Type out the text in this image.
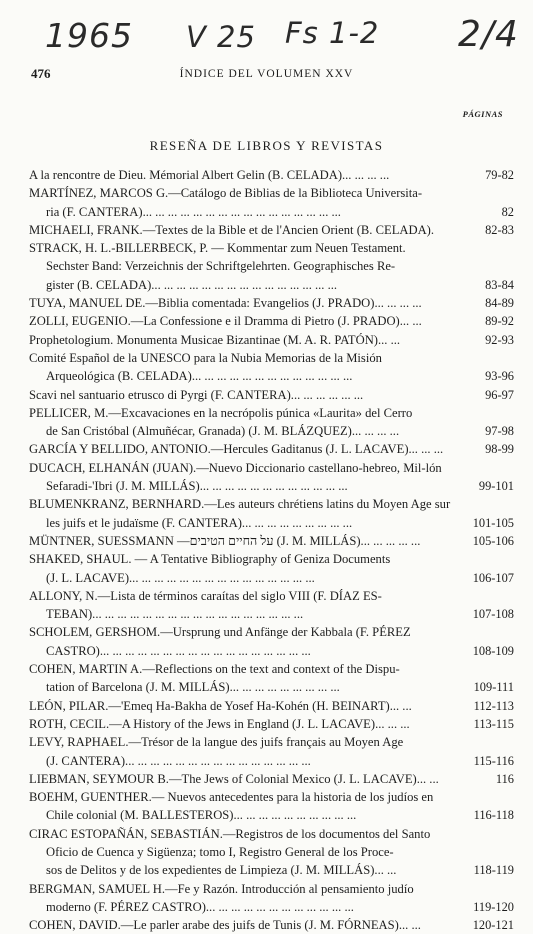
1965 V 25 Fs 1-2 2/4
476	ÍNDICE DEL VOLUMEN XXV
PÁGINAS
RESEÑA DE LIBROS Y REVISTAS
A la rencontre de Dieu. Mémorial Albert Gelin (B. CELADA)... ... ... ...	79-82
MARTÍNEZ, MARCOS G.—Catálogo de Biblias de la Biblioteca Universita-
ria (F. CANTERA)... ... ... ... ... ... ... ... ... ... ... ... ... ... ... ...	82
MICHAELI, FRANK.—Textes de la Bible et de l'Ancien Orient (B. CELADA).	82-83
STRACK, H. L.-BILLERBECK, P. — Kommentar zum Neuen Testament.
Sechster Band: Verzeichnis der Schriftgelehrten. Geographisches Re-
gister (B. CELADA)... ... ... ... ... ... ... ... ... ... ... ... ... ... ...	83-84
TUYA, MANUEL DE.—Biblia comentada: Evangelios (J. PRADO)... ... ... ...	84-89
ZOLLI, EUGENIO.—La Confessione e il Dramma di Pietro (J. PRADO)... ...	89-92
Prophetologium. Monumenta Musicae Bizantinae (M. A. R. PATÓN)... ...	92-93
Comité Español de la UNESCO para la Nubia Memorias de la Misión
Arqueológica (B. CELADA)... ... ... ... ... ... ... ... ... ... ... ... ...	93-96
Scavi nel santuario etrusco di Pyrgi (F. CANTERA)... ... ... ... ... ...	96-97
PELLICER, M.—Excavaciones en la necrópolis púnica «Laurita» del Cerro
de San Cristóbal (Almuñécar, Granada) (J. M. BLÁZQUEZ)... ... ... ...	97-98
GARCÍA Y BELLIDO, ANTONIO.—Hercules Gaditanus (J. L. LACAVE)... ... ...	98-99
DUCACH, ELHANÁN (JUAN).—Nuevo Diccionario castellano-hebreo, Mil-lón
Sefaradi-'Ibri (J. M. MILLÁS)... ... ... ... ... ... ... ... ... ... ... ...	99-101
BLUMENKRANZ, BERNHARD.—Les auteurs chrétiens latins du Moyen Age sur
les juifs et le judaïsme (F. CANTERA)... ... ... ... ... ... ... ... ...	101-105
MÜNTNER, SUESSMANN —על החיים הטיבים (J. M. MILLÁS)... ... ... ... ...	105-106
SHAKED, SHAUL. — A Tentative Bibliography of Geniza Documents
(J. L. LACAVE)... ... ... ... ... ... ... ... ... ... ... ... ... ... ...	106-107
ALLONY, N.—Lista de términos caraítas del siglo VIII (F. DÍAZ ES-
TEBAN)... ... ... ... ... ... ... ... ... ... ... ... ... ... ... ... ...	107-108
SCHOLEM, GERSHOM.—Ursprung und Anfänge der Kabbala (F. PÉREZ
CASTRO)... ... ... ... ... ... ... ... ... ... ... ... ... ... ... ... ...	108-109
COHEN, MARTIN A.—Reflections on the text and context of the Dispu-
tation of Barcelona (J. M. MILLÁS)... ... ... ... ... ... ... ... ...	109-111
LEÓN, PILAR.—'Emeq Ha-Bakha de Yosef Ha-Kohén (H. BEINART)... ...	112-113
ROTH, CECIL.—A History of the Jews in England (J. L. LACAVE)... ... ...	113-115
LEVY, RAPHAEL.—Trésor de la langue des juifs français au Moyen Age
(J. CANTERA)... ... ... ... ... ... ... ... ... ... ... ... ... ... ...	115-116
LIEBMAN, SEYMOUR B.—The Jews of Colonial Mexico (J. L. LACAVE)... ...	116
BOEHM, GUENTHER.— Nuevos antecedentes para la historia de los judíos en
Chile colonial (M. BALLESTEROS)... ... ... ... ... ... ... ... ... ...	116-118
CIRAC ESTOPAÑÁN, SEBASTIÁN.—Registros de los documentos del Santo
Oficio de Cuenca y Sigüenza; tomo I, Registro General de los Proce-
sos de Delitos y de los expedientes de Limpieza (J. M. MILLÁS)... ...	118-119
BERGMAN, SAMUEL H.—Fe y Razón. Introducción al pensamiento judío
moderno (F. PÉREZ CASTRO)... ... ... ... ... ... ... ... ... ... ... ...	119-120
COHEN, DAVID.—Le parler arabe des juifs de Tunis (J. M. FÓRNEAS)... ...	120-121
